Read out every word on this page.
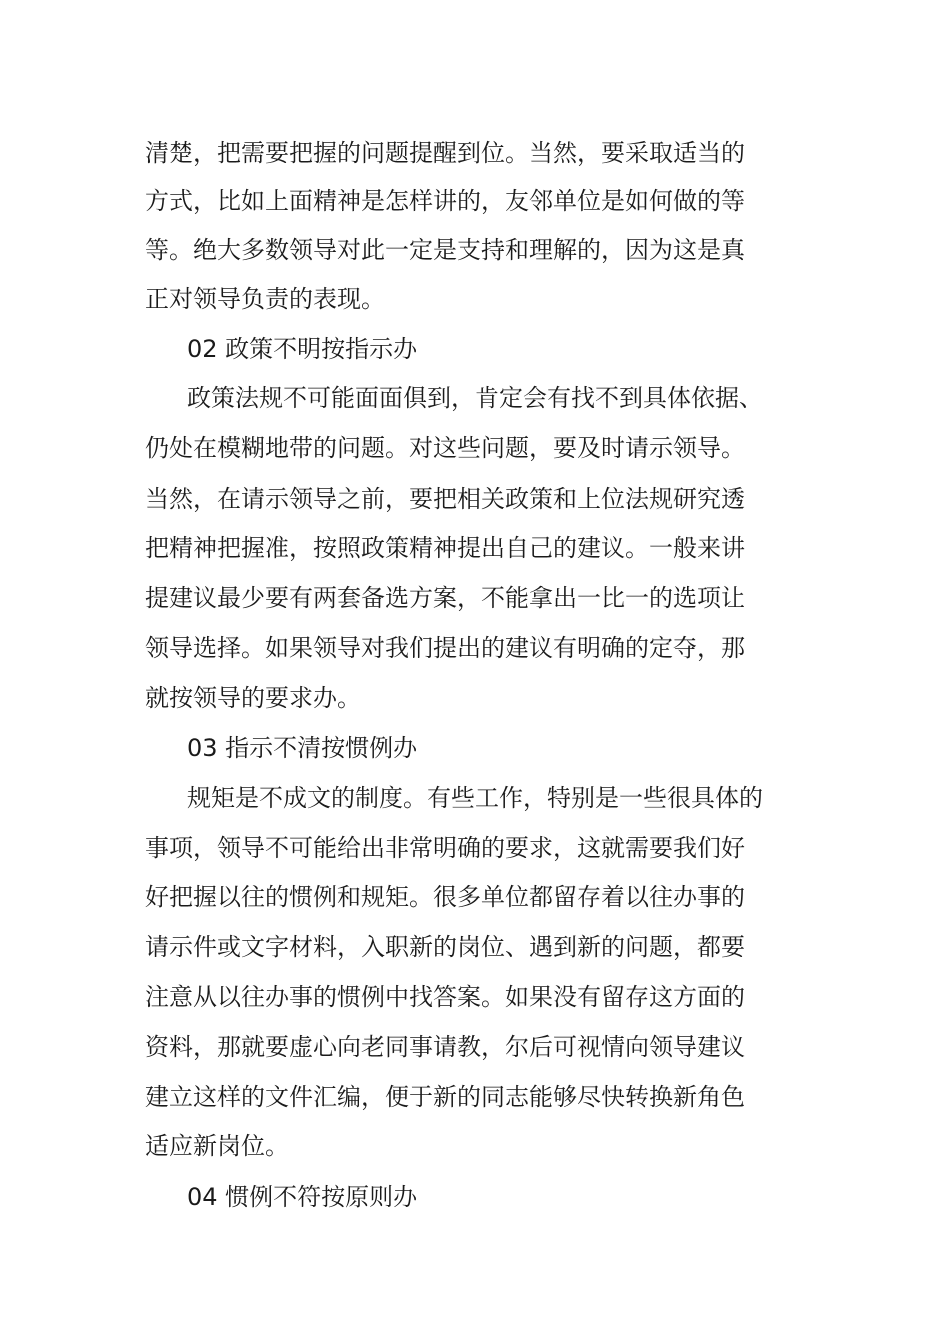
清楚，把需要把握的问题提醒到位。当然，要采取适当的
方式，比如上面精神是怎样讲的，友邻单位是如何做的等
等。绝大多数领导对此一定是支持和理解的，因为这是真
正对领导负责的表现。
02 政策不明按指示办
政策法规不可能面面俱到，肯定会有找不到具体依据、
仍处在模糊地带的问题。对这些问题，要及时请示领导。
当然，在请示领导之前，要把相关政策和上位法规研究透
把精神把握准，按照政策精神提出自己的建议。一般来讲
提建议最少要有两套备选方案，不能拿出一比一的选项让
领导选择。如果领导对我们提出的建议有明确的定夺，那
就按领导的要求办。
03 指示不清按惯例办
规矩是不成文的制度。有些工作，特别是一些很具体的
事项，领导不可能给出非常明确的要求，这就需要我们好
好把握以往的惯例和规矩。很多单位都留存着以往办事的
请示件或文字材料，入职新的岗位、遇到新的问题，都要
注意从以往办事的惯例中找答案。如果没有留存这方面的
资料，那就要虚心向老同事请教，尔后可视情向领导建议
建立这样的文件汇编，便于新的同志能够尽快转换新角色
适应新岗位。
04 惯例不符按原则办
